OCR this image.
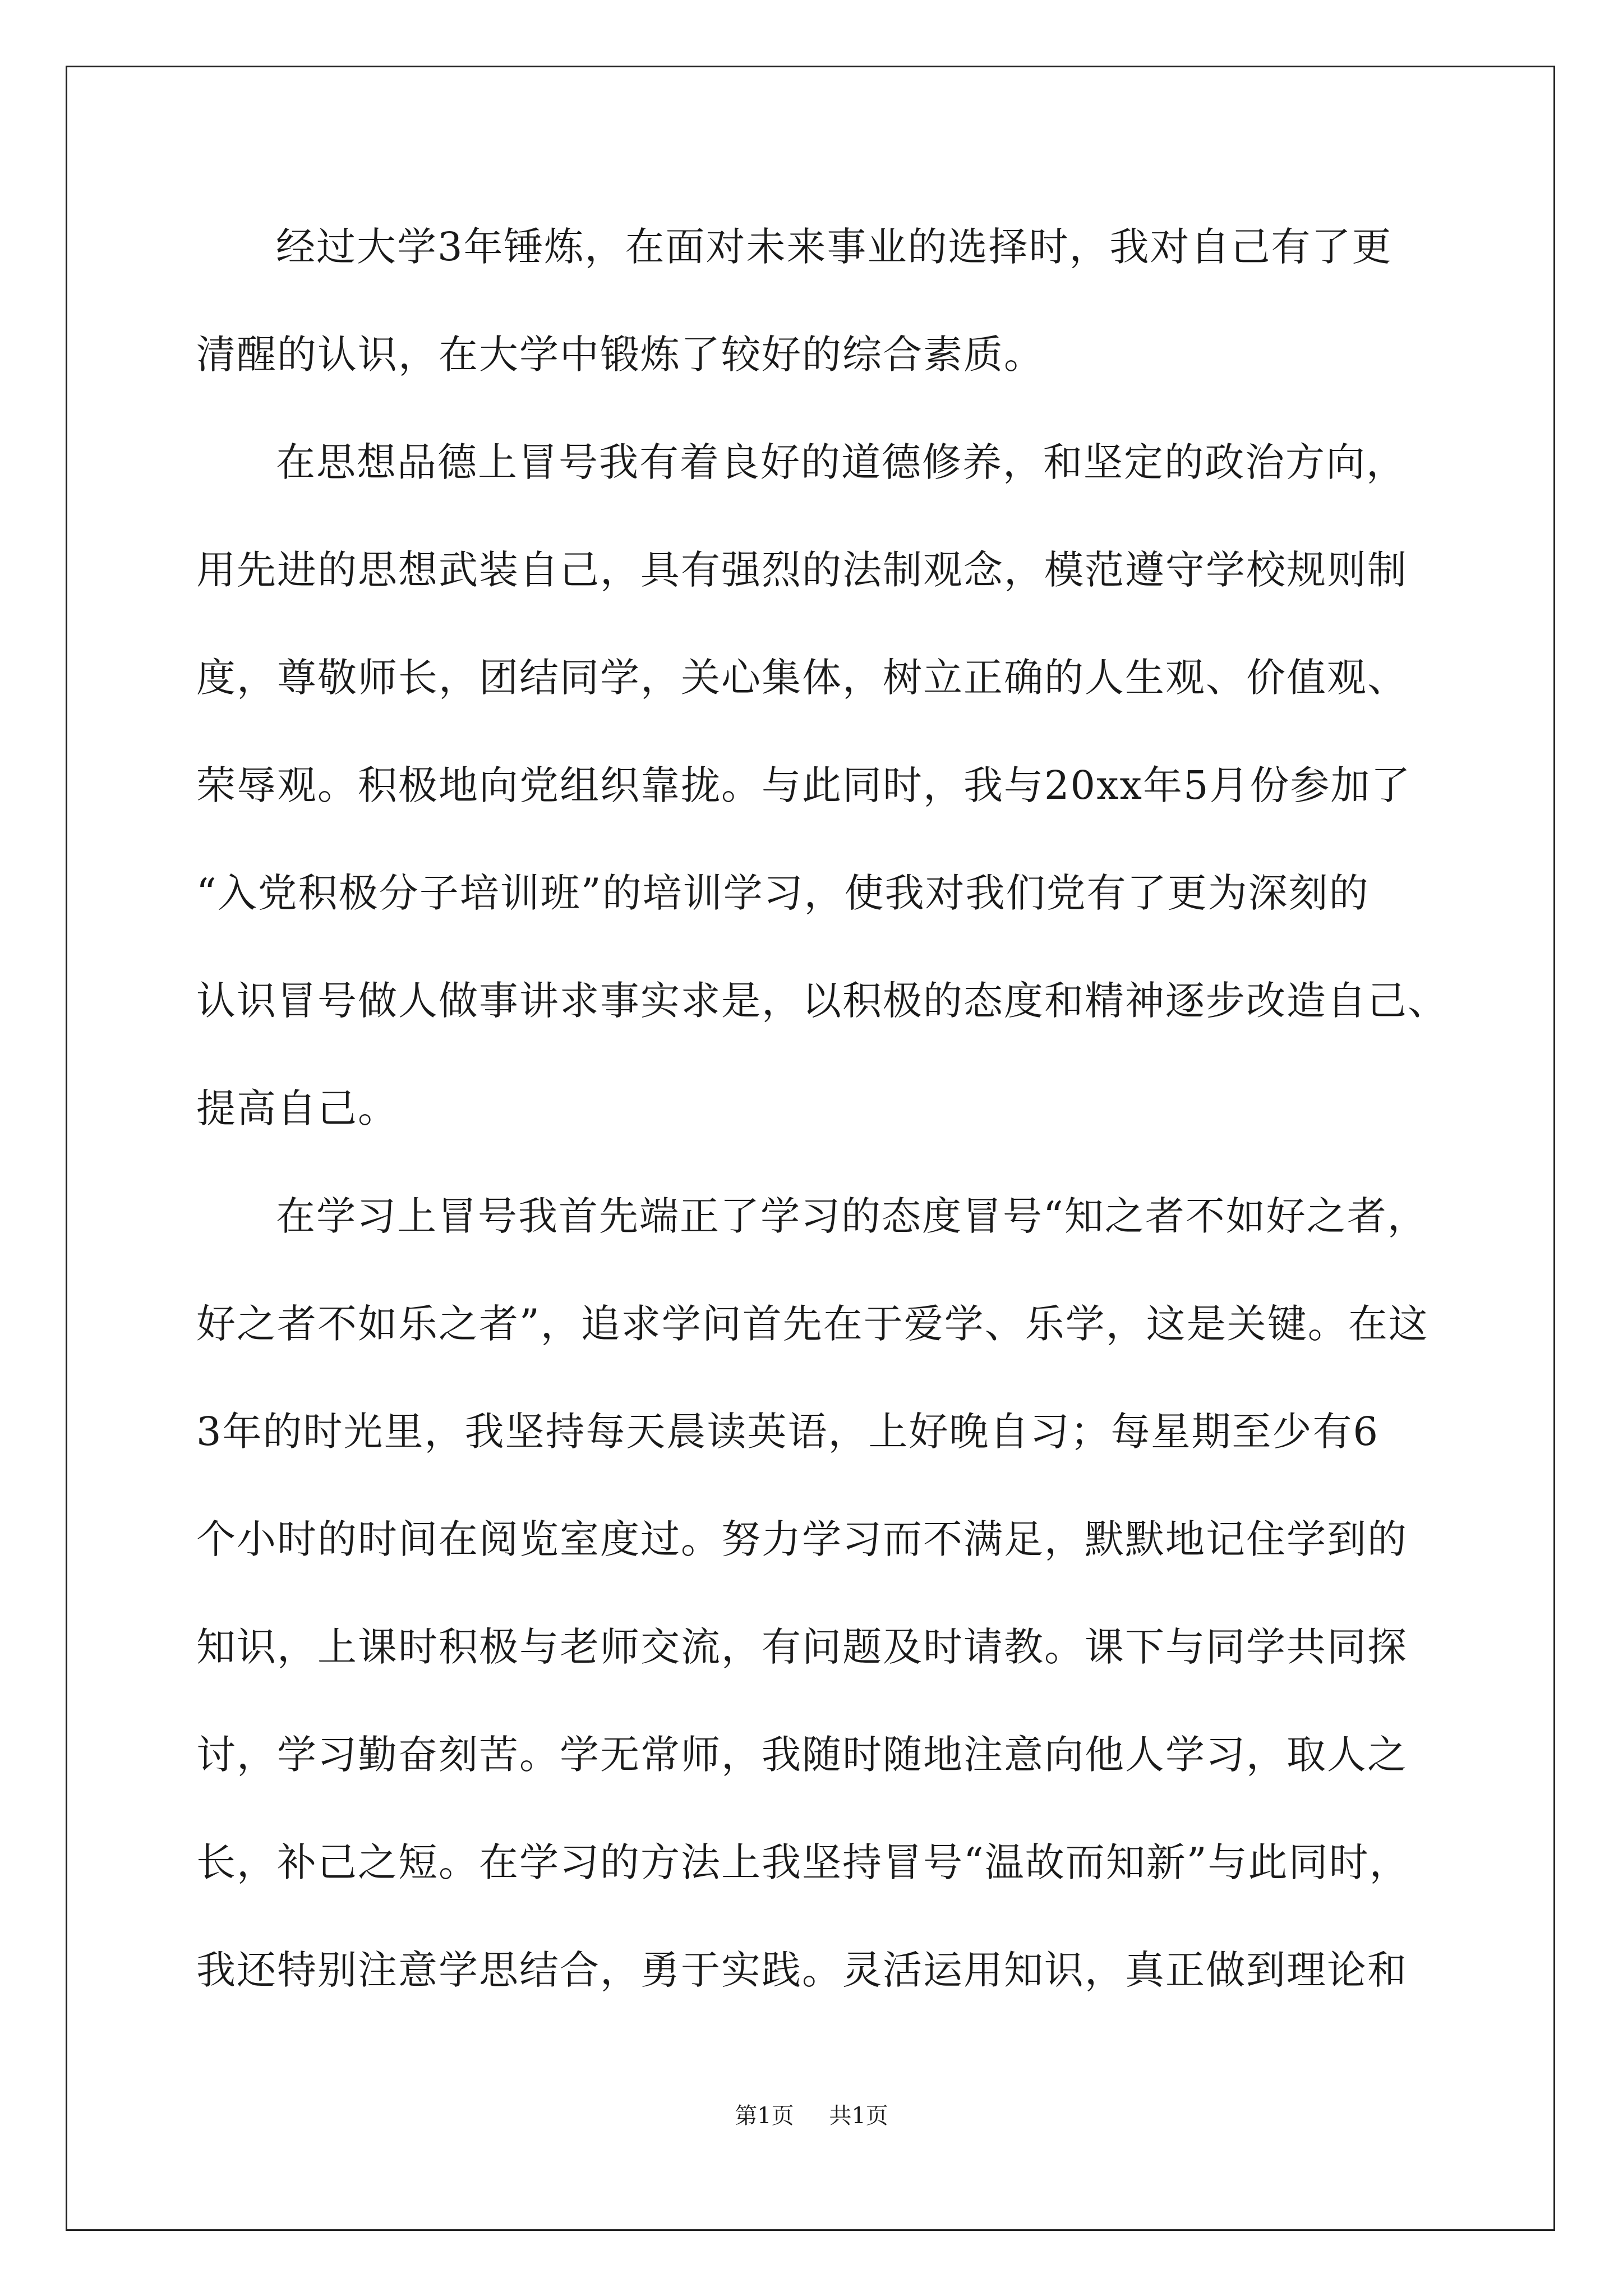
经过大学3年锤炼，在面对未来事业的选择时，我对自己有了更
清醒的认识，在大学中锻炼了较好的综合素质。
在思想品德上冒号我有着良好的道德修养，和坚定的政治方向，
用先进的思想武装自己，具有强烈的法制观念，模范遵守学校规则制
度，尊敬师长，团结同学，关心集体，树立正确的人生观、价值观、
荣辱观。积极地向党组织靠拢。与此同时，我与20xx年5月份参加了
“入党积极分子培训班”的培训学习，使我对我们党有了更为深刻的
认识冒号做人做事讲求事实求是，以积极的态度和精神逐步改造自己、
提高自己。
在学习上冒号我首先端正了学习的态度冒号“知之者不如好之者，
好之者不如乐之者”，追求学问首先在于爱学、乐学，这是关键。在这
3年的时光里，我坚持每天晨读英语，上好晚自习；每星期至少有6
个小时的时间在阅览室度过。努力学习而不满足，默默地记住学到的
知识，上课时积极与老师交流，有问题及时请教。课下与同学共同探
讨，学习勤奋刻苦。学无常师，我随时随地注意向他人学习，取人之
长，补己之短。在学习的方法上我坚持冒号“温故而知新”与此同时，
我还特别注意学思结合，勇于实践。灵活运用知识，真正做到理论和
第1页 共1页
